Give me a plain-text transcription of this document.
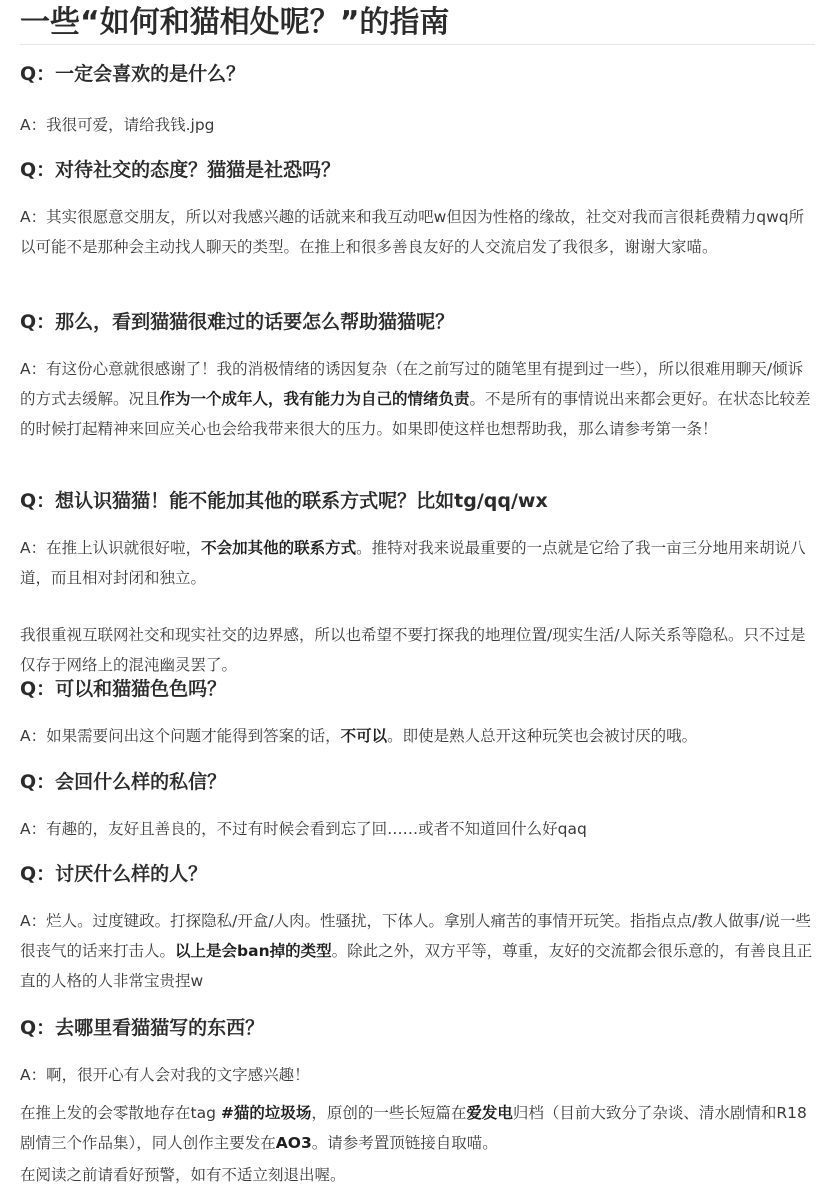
一些“如何和猫相处呢？”的指南
Q：一定会喜欢的是什么？

A：我很可爱，请给我钱.jpg

Q：对待社交的态度？猫猫是社恐吗？

A：其实很愿意交朋友，所以对我感兴趣的话就来和我互动吧w但因为性格的缘故，社交对我而言很耗费精力qwq所以可能不是那种会主动找人聊天的类型。在推上和很多善良友好的人交流启发了我很多，谢谢大家喵。

Q：那么，看到猫猫很难过的话要怎么帮助猫猫呢？

A：有这份心意就很感谢了！我的消极情绪的诱因复杂（在之前写过的随笔里有提到过一些），所以很难用聊天/倾诉的方式去缓解。况且作为一个成年人，我有能力为自己的情绪负责。不是所有的事情说出来都会更好。在状态比较差的时候打起精神来回应关心也会给我带来很大的压力。如果即使这样也想帮助我，那么请参考第一条！

Q：想认识猫猫！能不能加其他的联系方式呢？比如tg/qq/wx

A：在推上认识就很好啦，不会加其他的联系方式。推特对我来说最重要的一点就是它给了我一亩三分地用来胡说八道，而且相对封闭和独立。

我很重视互联网社交和现实社交的边界感，所以也希望不要打探我的地理位置/现实生活/人际关系等隐私。只不过是仅存于网络上的混沌幽灵罢了。

Q：可以和猫猫色色吗？

A：如果需要问出这个问题才能得到答案的话，不可以。即使是熟人总开这种玩笑也会被讨厌的哦。

Q：会回什么样的私信？

A：有趣的，友好且善良的，不过有时候会看到忘了回……或者不知道回什么好qaq

Q：讨厌什么样的人？

A：烂人。过度键政。打探隐私/开盒/人肉。性骚扰，下体人。拿别人痛苦的事情开玩笑。指指点点/教人做事/说一些很丧气的话来打击人。以上是会ban掉的类型。除此之外，双方平等，尊重，友好的交流都会很乐意的，有善良且正直的人格的人非常宝贵捏w

Q：去哪里看猫猫写的东西？

A：啊，很开心有人会对我的文字感兴趣！

在推上发的会零散地存在tag #猫的垃圾场，原创的一些长短篇在爱发电归档（目前大致分了杂谈、清水剧情和R18剧情三个作品集），同人创作主要发在AO3。请参考置顶链接自取喵。

在阅读之前请看好预警，如有不适立刻退出喔。
